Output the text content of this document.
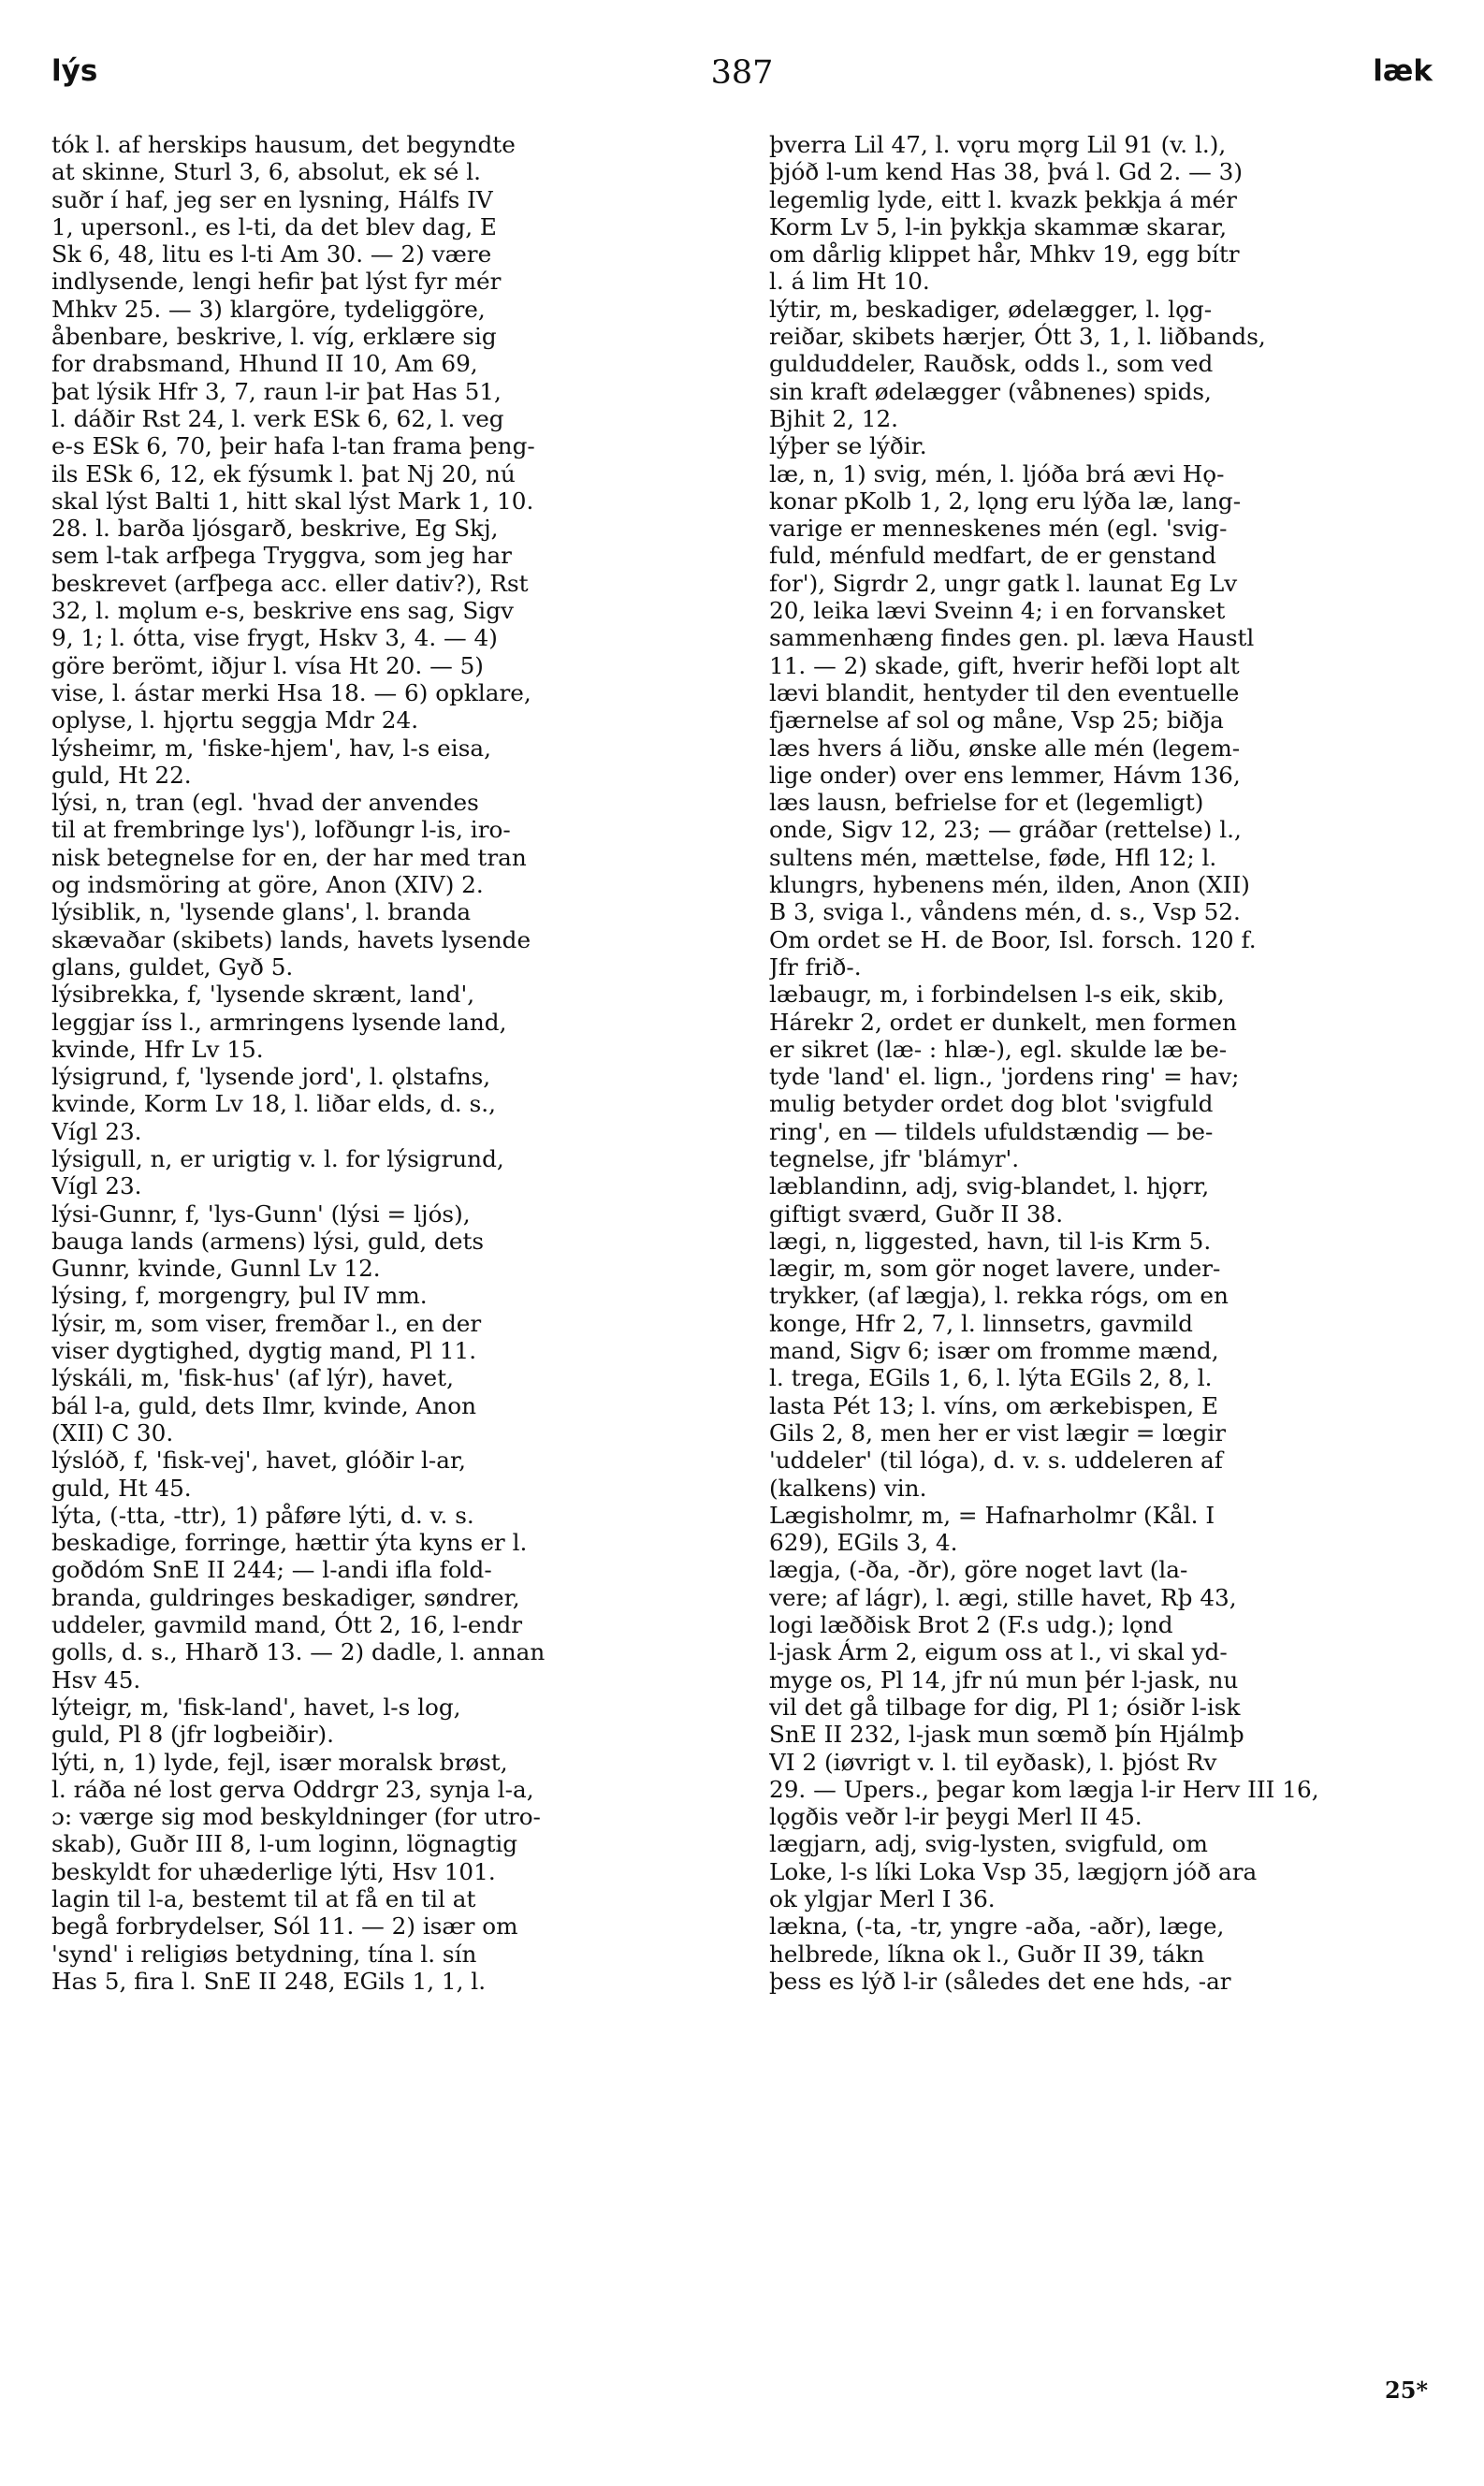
lýs	387	læk
tók l. af herskips hausum, det begyndte
at skinne, Sturl 3, 6, absolut, ek sé l.
suðr í haf, jeg ser en lysning, Hálfs IV
1, upersonl., es l-ti, da det blev dag, E
Sk 6, 48, litu es l-ti Am 30. — 2) være
indlysende, lengi hefir þat lýst fyr mér
Mhkv 25. — 3) klargöre, tydeliggöre,
åbenbare, beskrive, l. víg, erklære sig
for drabsmand, Hhund II 10, Am 69,
þat lýsik Hfr 3, 7, raun l-ir þat Has 51,
l. dáðir Rst 24, l. verk ESk 6, 62, l. veg
e-s ESk 6, 70, þeir hafa l-tan frama þeng-
ils ESk 6, 12, ek fýsumk l. þat Nj 20, nú
skal lýst Balti 1, hitt skal lýst Mark 1, 10.
28. l. barða ljósgarð, beskrive, Eg Skj,
sem l-tak arfþega Tryggva, som jeg har
beskrevet (arfþega acc. eller dativ?), Rst
32, l. mǫlum e-s, beskrive ens sag, Sigv
9, 1; l. ótta, vise frygt, Hskv 3, 4. — 4)
göre berömt, iðjur l. vísa Ht 20. — 5)
vise, l. ástar merki Hsa 18. — 6) opklare,
oplyse, l. hjǫrtu seggja Mdr 24.
lýsheimr, m, 'fiske-hjem', hav, l-s eisa,
guld, Ht 22.
lýsi, n, tran (egl. 'hvad der anvendes
til at frembringe lys'), lofðungr l-is, iro-
nisk betegnelse for en, der har med tran
og indsmöring at göre, Anon (XIV) 2.
lýsiblik, n, 'lysende glans', l. branda
skævaðar (skibets) lands, havets lysende
glans, guldet, Gyð 5.
lýsibrekka, f, 'lysende skrænt, land',
leggjar íss l., armringens lysende land,
kvinde, Hfr Lv 15.
lýsigrund, f, 'lysende jord', l. ǫlstafns,
kvinde, Korm Lv 18, l. liðar elds, d. s.,
Vígl 23.
lýsigull, n, er urigtig v. l. for lýsigrund,
Vígl 23.
lýsi-Gunnr, f, 'lys-Gunn' (lýsi = ljós),
bauga lands (armens) lýsi, guld, dets
Gunnr, kvinde, Gunnl Lv 12.
lýsing, f, morgengry, þul IV mm.
lýsir, m, som viser, fremðar l., en der
viser dygtighed, dygtig mand, Pl 11.
lýskáli, m, 'fisk-hus' (af lýr), havet,
bál l-a, guld, dets Ilmr, kvinde, Anon
(XII) C 30.
lýslóð, f, 'fisk-vej', havet, glóðir l-ar,
guld, Ht 45.
lýta, (-tta, -ttr), 1) påføre lýti, d. v. s.
beskadige, forringe, hættir ýta kyns er l.
goðdóm SnE II 244; — l-andi ifla fold-
branda, guldringes beskadiger, søndrer,
uddeler, gavmild mand, Ótt 2, 16, l-endr
golls, d. s., Hharð 13. — 2) dadle, l. annan
Hsv 45.
lýteigr, m, 'fisk-land', havet, l-s log,
guld, Pl 8 (jfr logbeiðir).
lýti, n, 1) lyde, fejl, især moralsk brøst,
l. ráða né lost gerva Oddrgr 23, synja l-a,
ɔ: værge sig mod beskyldninger (for utro-
skab), Guðr III 8, l-um loginn, lögnagtig
beskyldt for uhæderlige lýti, Hsv 101.
lagin til l-a, bestemt til at få en til at
begå forbrydelser, Sól 11. — 2) især om
'synd' i religiøs betydning, tína l. sín
Has 5, fira l. SnE II 248, EGils 1, 1, l.
þverra Lil 47, l. vǫru mǫrg Lil 91 (v. l.),
þjóð l-um kend Has 38, þvá l. Gd 2. — 3)
legemlig lyde, eitt l. kvazk þekkja á mér
Korm Lv 5, l-in þykkja skammæ skarar,
om dårlig klippet hår, Mhkv 19, egg bítr
l. á lim Ht 10.
lýtir, m, beskadiger, ødelægger, l. lǫg-
reiðar, skibets hærjer, Ótt 3, 1, l. liðbands,
gulduddeler, Rauðsk, odds l., som ved
sin kraft ødelægger (våbnenes) spids,
Bjhit 2, 12.
lýþer se lýðir.
læ, n, 1) svig, mén, l. ljóða brá ævi Hǫ-
konar pKolb 1, 2, lǫng eru lýða læ, lang-
varige er menneskenes mén (egl. 'svig-
fuld, ménfuld medfart, de er genstand
for'), Sigrdr 2, ungr gatk l. launat Eg Lv
20, leika lævi Sveinn 4; i en forvansket
sammenhæng findes gen. pl. læva Haustl
11. — 2) skade, gift, hverir hefði lopt alt
lævi blandit, hentyder til den eventuelle
fjærnelse af sol og måne, Vsp 25; biðja
læs hvers á liðu, ønske alle mén (legem-
lige onder) over ens lemmer, Hávm 136,
læs lausn, befrielse for et (legemligt)
onde, Sigv 12, 23; — gráðar (rettelse) l.,
sultens mén, mættelse, føde, Hfl 12; l.
klungrs, hybenens mén, ilden, Anon (XII)
B 3, sviga l., våndens mén, d. s., Vsp 52.
Om ordet se H. de Boor, Isl. forsch. 120 f.
Jfr frið-.
læbaugr, m, i forbindelsen l-s eik, skib,
Hárekr 2, ordet er dunkelt, men formen
er sikret (læ- : hlæ-), egl. skulde læ be-
tyde 'land' el. lign., 'jordens ring' = hav;
mulig betyder ordet dog blot 'svigfuld
ring', en — tildels ufuldstændig — be-
tegnelse, jfr 'blámyr'.
læblandinn, adj, svig-blandet, l. hjǫrr,
giftigt sværd, Guðr II 38.
lægi, n, liggested, havn, til l-is Krm 5.
lægir, m, som gör noget lavere, under-
trykker, (af lægja), l. rekka rógs, om en
konge, Hfr 2, 7, l. linnsetrs, gavmild
mand, Sigv 6; især om fromme mænd,
l. trega, EGils 1, 6, l. lýta EGils 2, 8, l.
lasta Pét 13; l. víns, om ærkebispen, E
Gils 2, 8, men her er vist lægir = lœgir
'uddeler' (til lóga), d. v. s. uddeleren af
(kalkens) vin.
Lægisholmr, m, = Hafnarholmr (Kål. I
629), EGils 3, 4.
lægja, (-ða, -ðr), göre noget lavt (la-
vere; af lágr), l. ægi, stille havet, Rþ 43,
logi læððisk Brot 2 (F.s udg.); lǫnd
l-jask Árm 2, eigum oss at l., vi skal yd-
myge os, Pl 14, jfr nú mun þér l-jask, nu
vil det gå tilbage for dig, Pl 1; ósiðr l-isk
SnE II 232, l-jask mun sœmð þín Hjálmþ
VI 2 (iøvrigt v. l. til eyðask), l. þjóst Rv
29. — Upers., þegar kom lægja l-ir Herv III 16,
lǫgðis veðr l-ir þeygi Merl II 45.
lægjarn, adj, svig-lysten, svigfuld, om
Loke, l-s líki Loka Vsp 35, lægjǫrn jóð ara
ok ylgjar Merl I 36.
lækna, (-ta, -tr, yngre -aða, -aðr), læge,
helbrede, líkna ok l., Guðr II 39, tákn
þess es lýð l-ir (således det ene hds, -ar
25*
